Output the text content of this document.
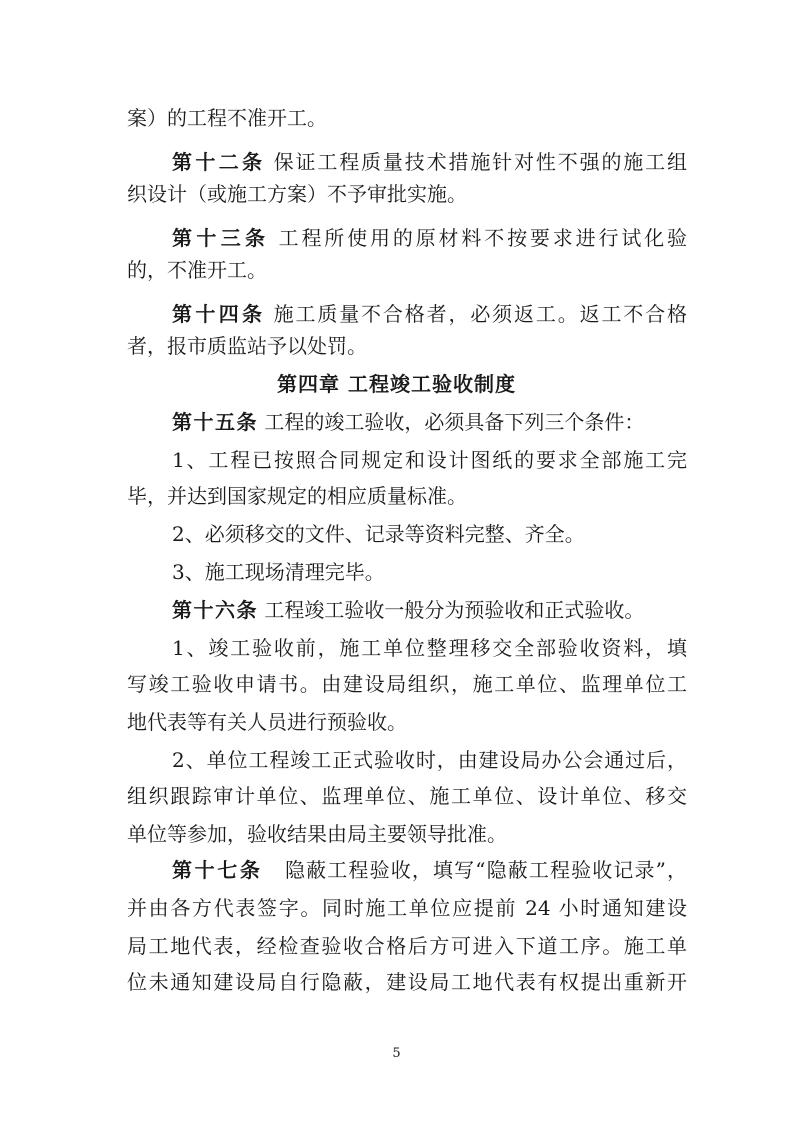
案）的工程不准开工。
第十二条 保证工程质量技术措施针对性不强的施工组
织设计（或施工方案）不予审批实施。
第十三条 工程所使用的原材料不按要求进行试化验
的，不准开工。
第十四条 施工质量不合格者，必须返工。返工不合格
者，报市质监站予以处罚。
第四章 工程竣工验收制度
第十五条 工程的竣工验收，必须具备下列三个条件：
1、工程已按照合同规定和设计图纸的要求全部施工完
毕，并达到国家规定的相应质量标准。
2、必须移交的文件、记录等资料完整、齐全。
3、施工现场清理完毕。
第十六条 工程竣工验收一般分为预验收和正式验收。
1、竣工验收前，施工单位整理移交全部验收资料，填
写竣工验收申请书。由建设局组织，施工单位、监理单位工
地代表等有关人员进行预验收。
2、单位工程竣工正式验收时，由建设局办公会通过后，
组织跟踪审计单位、监理单位、施工单位、设计单位、移交
单位等参加，验收结果由局主要领导批准。
第十七条 隐蔽工程验收，填写“隐蔽工程验收记录”，
并由各方代表签字。同时施工单位应提前 24 小时通知建设
局工地代表，经检查验收合格后方可进入下道工序。施工单
位未通知建设局自行隐蔽，建设局工地代表有权提出重新开
5
